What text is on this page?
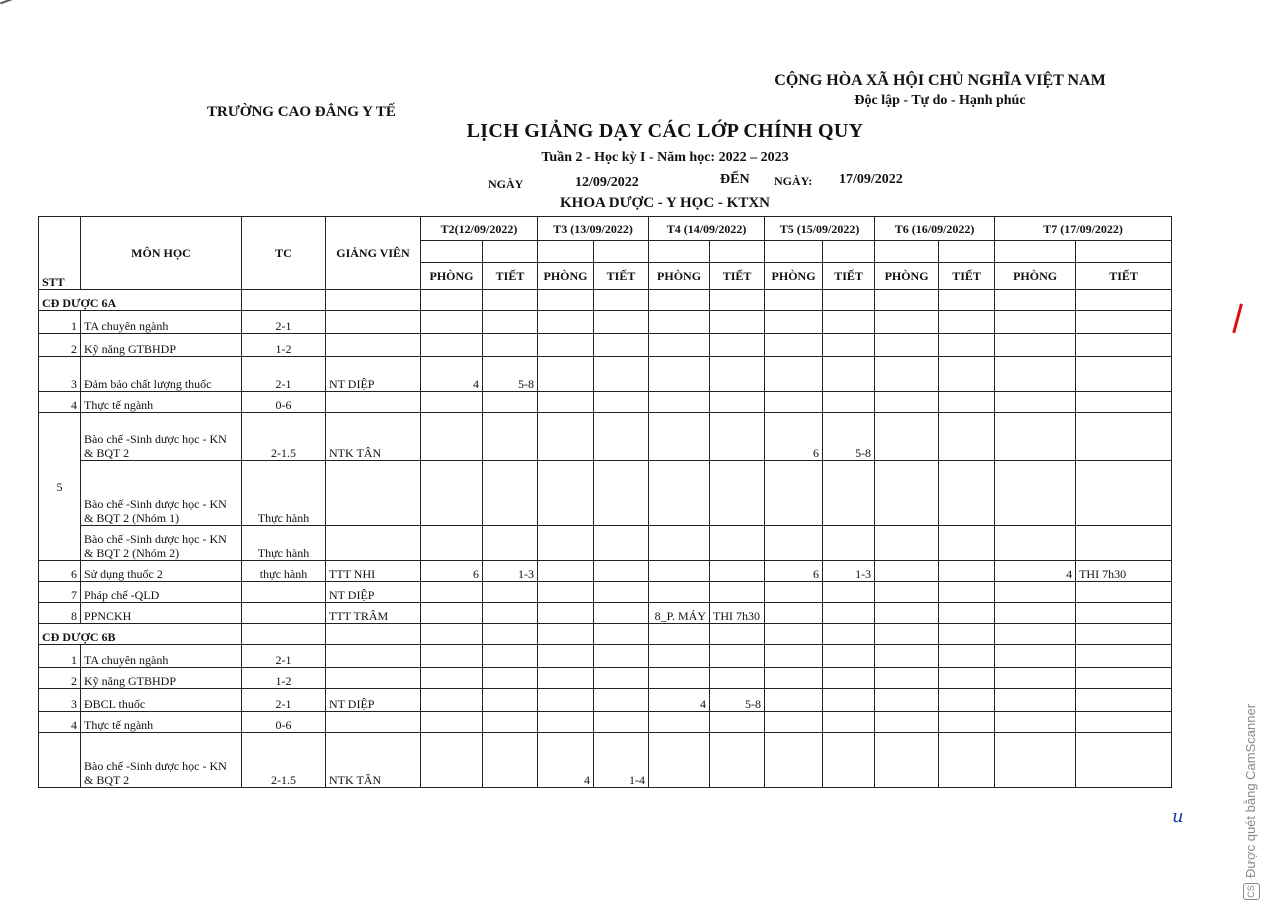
CỘNG HÒA XÃ HỘI CHỦ NGHĨA VIỆT NAM
Độc lập - Tự do - Hạnh phúc
TRƯỜNG CAO ĐẲNG Y TẾ
LỊCH GIẢNG DẠY CÁC LỚP CHÍNH QUY
Tuần 2 - Học kỳ I - Năm học: 2022 – 2023
NGÀY	12/09/2022	ĐẾN NGÀY: 17/09/2022
KHOA DƯỢC - Y HỌC - KTXN
STT	MÔN HỌC	TC	GIẢNG VIÊN	T2(12/09/2022)		T3 (13/09/2022)		T4 (14/09/2022)		T5 (15/09/2022)		T6 (16/09/2022)		T7 (17/09/2022)	

				PHÒNG	TIẾT	PHÒNG	TIẾT	PHÒNG	TIẾT	PHÒNG	TIẾT	PHÒNG	TIẾT	PHÒNG	TIẾT
CĐ DƯỢC 6A															
1	TA chuyên ngành	2-1													
2	Kỹ năng GTBHDP	1-2													
3	Đảm bảo chất lượng thuốc	2-1	NT DIỆP	4	5-8										
4	Thực tế ngành	0-6													
5	Bào chế -Sinh dược học - KN & BQT 2	2-1.5	NTK TÂN							6	5-8				
	Bào chế -Sinh dược học - KN & BQT 2 (Nhóm 1)	Thực hành													
	Bào chế -Sinh dược học - KN & BQT 2 (Nhóm 2)	Thực hành													
6	Sử dụng thuốc 2	thực hành	TTT NHI	6	1-3					6	1-3			4	THI 7h30
7	Pháp chế -QLD		NT DIỆP												
8	PPNCKH		TTT TRÂM					8_P. MÁY	THI 7h30						
CĐ DƯỢC 6B															
1	TA chuyên ngành	2-1													
2	Kỹ năng GTBHDP	1-2													
3	ĐBCL thuốc	2-1	NT DIỆP					4	5-8						
4	Thực tế ngành	0-6													
	Bào chế -Sinh dược học - KN & BQT 2	2-1.5	NTK TÂN			4	1-4								
u
CSĐược quét bằng CamScanner
